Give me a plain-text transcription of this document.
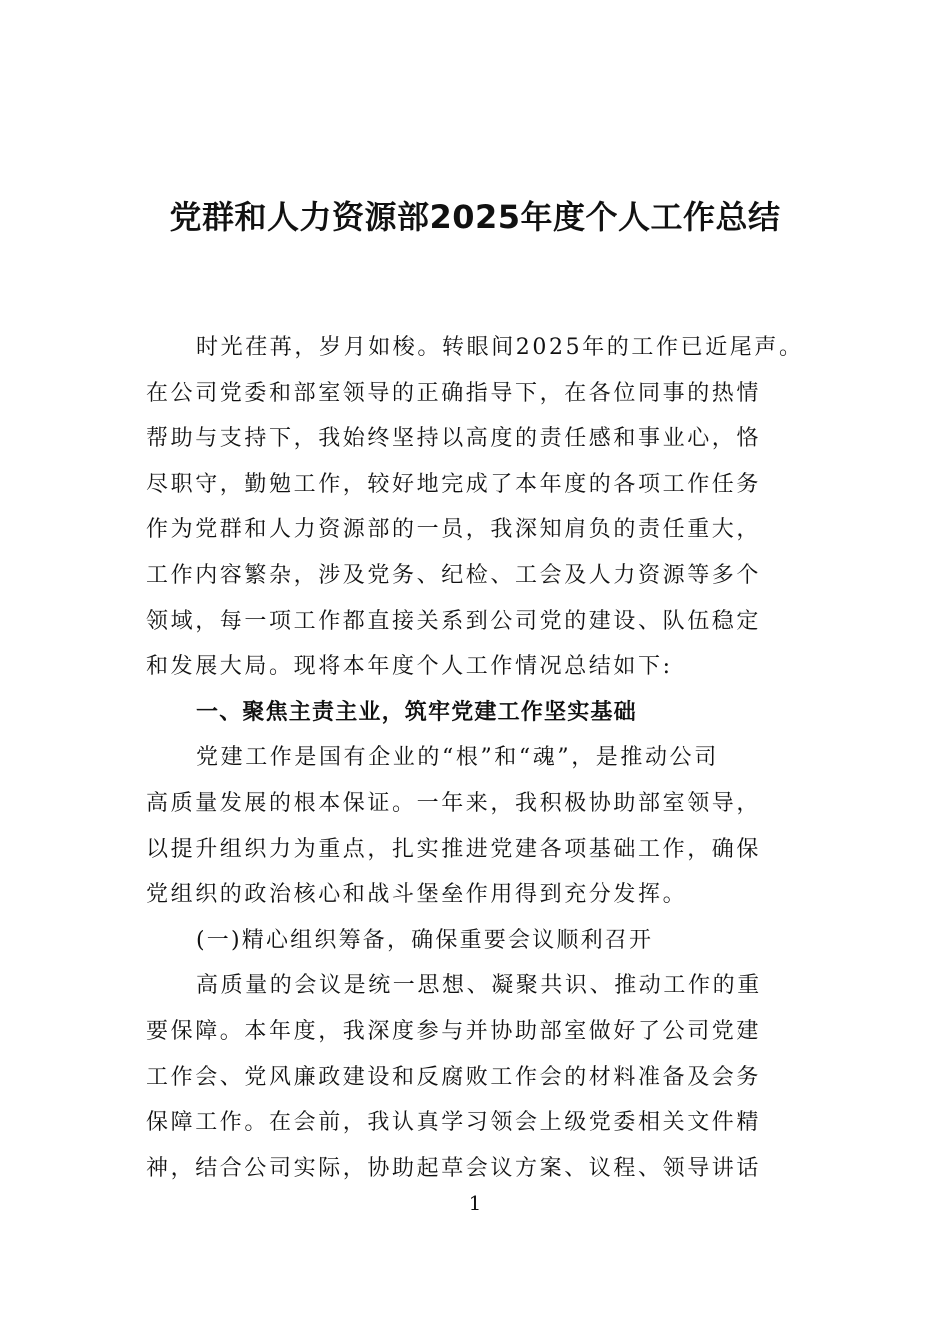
党群和人力资源部2025年度个人工作总结

时光荏苒，岁月如梭。转眼间2025年的工作已近尾声。

在公司党委和部室领导的正确指导下，在各位同事的热情

帮助与支持下，我始终坚持以高度的责任感和事业心，恪

尽职守，勤勉工作，较好地完成了本年度的各项工作任务

作为党群和人力资源部的一员，我深知肩负的责任重大，

工作内容繁杂，涉及党务、纪检、工会及人力资源等多个

领域，每一项工作都直接关系到公司党的建设、队伍稳定

和发展大局。现将本年度个人工作情况总结如下:

一、聚焦主责主业，筑牢党建工作坚实基础

党建工作是国有企业的“根”和“魂”，是推动公司

高质量发展的根本保证。一年来，我积极协助部室领导，

以提升组织力为重点，扎实推进党建各项基础工作，确保

党组织的政治核心和战斗堡垒作用得到充分发挥。

(一)精心组织筹备，确保重要会议顺利召开

高质量的会议是统一思想、凝聚共识、推动工作的重

要保障。本年度，我深度参与并协助部室做好了公司党建

工作会、党风廉政建设和反腐败工作会的材料准备及会务

保障工作。在会前，我认真学习领会上级党委相关文件精

神，结合公司实际，协助起草会议方案、议程、领导讲话

1
